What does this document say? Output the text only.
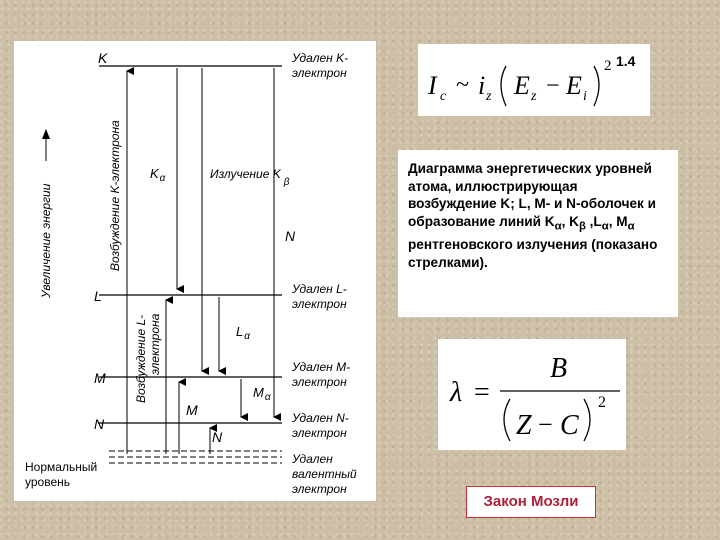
K
L
M
N
Нормальный
уровень
Удален K-
электрон
Удален L-
электрон
Удален M-
электрон
Удален N-
электрон
Удален
валентный
электрон
Увеличение энергии	Возбуждение K-электрона
Возбуждение L- электрона
$K_\alpha$	Излучение $K_\beta$
N
$L_\alpha$
$M_\alpha$
M
N
1.4
I c ~ i z E z − E i
2

Диаграмма энергетических уровней атома, иллюстрирующая возбуждение K; L, M- и N-оболочек и образование линий $K_\alpha$, $K_\beta$ $,L_\alpha$, $M_\alpha$ рентгеновского излучения (показано стрелками).

λ =
B
Z − C
2
Закон Мозли
